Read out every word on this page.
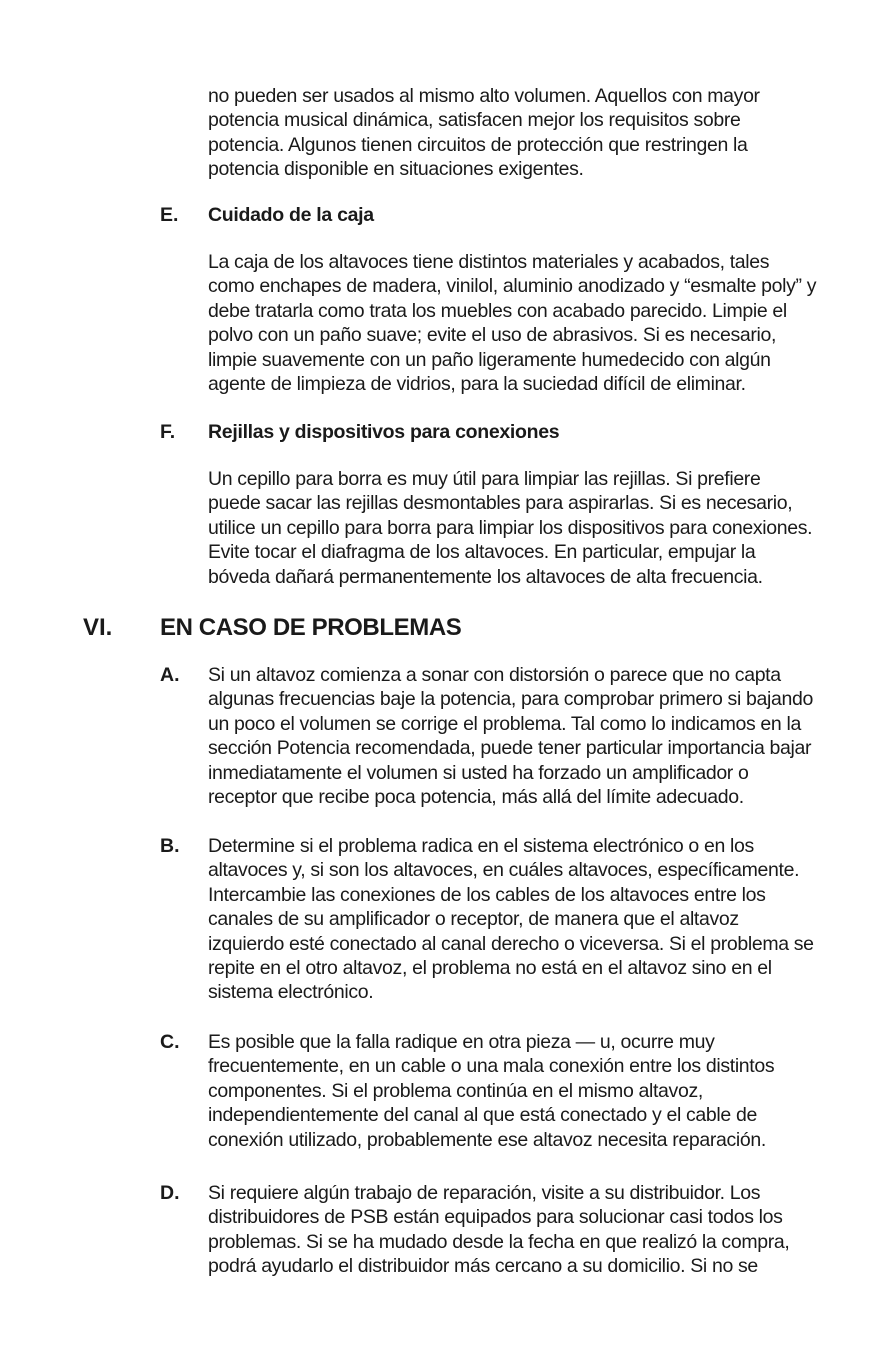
no pueden ser usados al mismo alto volumen. Aquellos con mayor
potencia musical dinámica, satisfacen mejor los requisitos sobre
potencia. Algunos tienen circuitos de protección que restringen la
potencia disponible en situaciones exigentes.

E. Cuidado de la caja

La caja de los altavoces tiene distintos materiales y acabados, tales
como enchapes de madera, vinilol, aluminio anodizado y “esmalte poly” y
debe tratarla como trata los muebles con acabado parecido. Limpie el
polvo con un paño suave; evite el uso de abrasivos. Si es necesario,
limpie suavemente con un paño ligeramente humedecido con algún
agente de limpieza de vidrios, para la suciedad difícil de eliminar.

F. Rejillas y dispositivos para conexiones

Un cepillo para borra es muy útil para limpiar las rejillas. Si prefiere
puede sacar las rejillas desmontables para aspirarlas. Si es necesario,
utilice un cepillo para borra para limpiar los dispositivos para conexiones.
Evite tocar el diafragma de los altavoces. En particular, empujar la
bóveda dañará permanentemente los altavoces de alta frecuencia.

VI. EN CASO DE PROBLEMAS
A. Si un altavoz comienza a sonar con distorsión o parece que no capta
algunas frecuencias baje la potencia, para comprobar primero si bajando
un poco el volumen se corrige el problema. Tal como lo indicamos en la
sección Potencia recomendada, puede tener particular importancia bajar
inmediatamente el volumen si usted ha forzado un amplificador o
receptor que recibe poca potencia, más allá del límite adecuado.

B. Determine si el problema radica en el sistema electrónico o en los
altavoces y, si son los altavoces, en cuáles altavoces, específicamente.
Intercambie las conexiones de los cables de los altavoces entre los
canales de su amplificador o receptor, de manera que el altavoz
izquierdo esté conectado al canal derecho o viceversa. Si el problema se
repite en el otro altavoz, el problema no está en el altavoz sino en el
sistema electrónico.

C. Es posible que la falla radique en otra pieza — u, ocurre muy
frecuentemente, en un cable o una mala conexión entre los distintos
componentes. Si el problema continúa en el mismo altavoz,
independientemente del canal al que está conectado y el cable de
conexión utilizado, probablemente ese altavoz necesita reparación.

D. Si requiere algún trabajo de reparación, visite a su distribuidor. Los
distribuidores de PSB están equipados para solucionar casi todos los
problemas. Si se ha mudado desde la fecha en que realizó la compra,
podrá ayudarlo el distribuidor más cercano a su domicilio. Si no se
